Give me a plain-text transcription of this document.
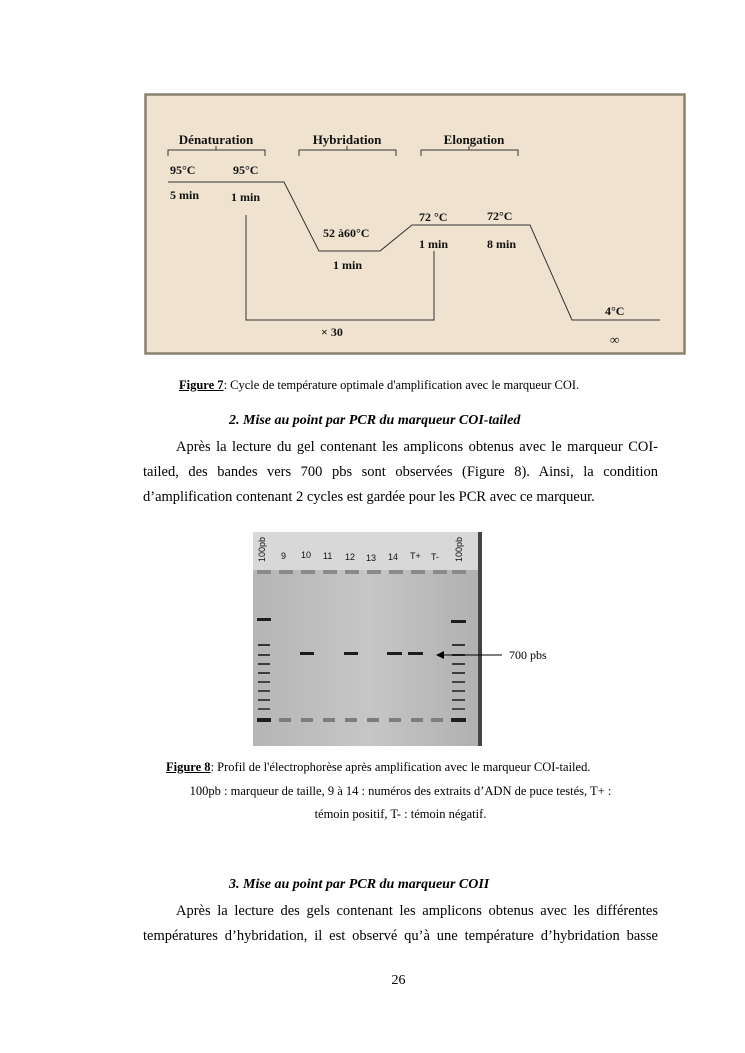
Dénaturation	Hybridation	Elongation
95°C
5 min
95°C
1 min
52 à60°C
1 min
72 °C
1 min
72°C
8 min
4°C
∞
× 30
Figure 7: Cycle de température optimale d'amplification avec le marqueur COI.
2. Mise au point par PCR du marqueur COI-tailed
Après la lecture du gel contenant les amplicons obtenus avec le marqueur COI-tailed, des bandes vers 700 pbs sont observées (Figure 8). Ainsi, la condition d’amplification contenant 2 cycles est gardée pour les PCR avec ce marqueur.
100pb 9 10 11 12 13 14 T+ T- 100pb
700 pbs
Figure 8: Profil de l'électrophorèse après amplification avec le marqueur COI-tailed.
100pb : marqueur de taille, 9 à 14 : numéros des extraits d’ADN de puce testés, T+ :
témoin positif, T- : témoin négatif.
3. Mise au point par PCR du marqueur COII
Après la lecture des gels contenant les amplicons obtenus avec les différentes températures d’hybridation, il est observé qu’à une température d’hybridation basse
26
